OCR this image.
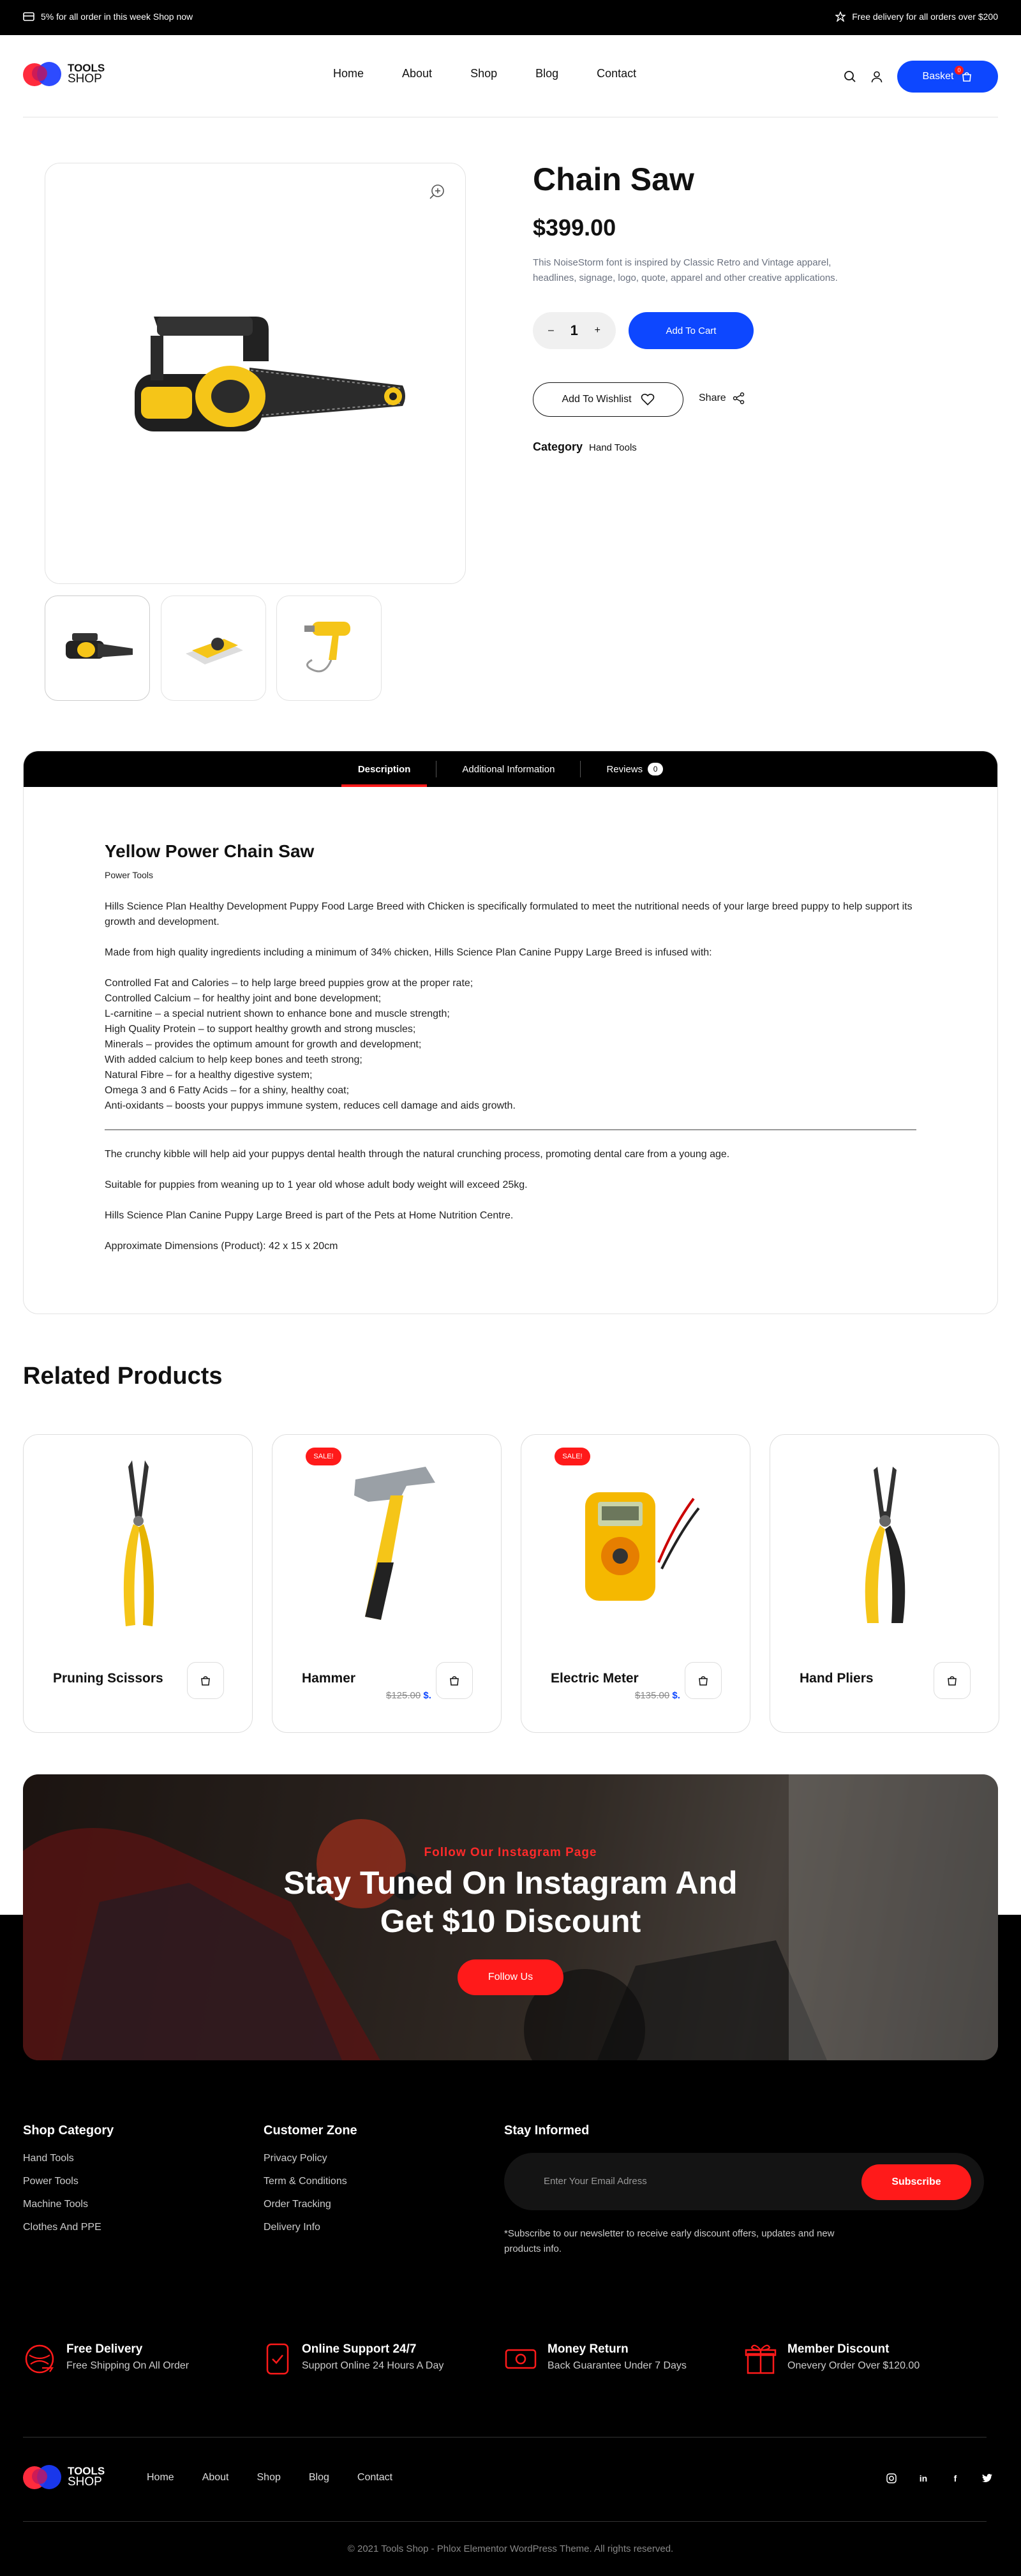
5% for all order in this week Shop now	Free delivery for all orders over $200
TOOLS
SHOP	Home	About	Shop	Blog	Contact	Basket
0
Chain Saw
$399.00

This NoiseStorm font is inspired by Classic Retro and Vintage apparel, headlines, signage, logo, quote, apparel and other creative applications.

– 1 +	Add To Cart
Add To Wishlist	Share
Category Hand Tools
Description	Additional Information	Reviews	0
Yellow Power Chain Saw
Power Tools

Hills Science Plan Healthy Development Puppy Food Large Breed with Chicken is specifically formulated to meet the nutritional needs of your large breed puppy to help support its growth and development.

Made from high quality ingredients including a minimum of 34% chicken, Hills Science Plan Canine Puppy Large Breed is infused with:

Controlled Fat and Calories – to help large breed puppies grow at the proper rate;
Controlled Calcium – for healthy joint and bone development;
L-carnitine – a special nutrient shown to enhance bone and muscle strength;
High Quality Protein – to support healthy growth and strong muscles;
Minerals – provides the optimum amount for growth and development;
With added calcium to help keep bones and teeth strong;
Natural Fibre – for a healthy digestive system;
Omega 3 and 6 Fatty Acids – for a shiny, healthy coat;
Anti-oxidants – boosts your puppys immune system, reduces cell damage and aids growth.

The crunchy kibble will help aid your puppys dental health through the natural crunching process, promoting dental care from a young age.

Suitable for puppies from weaning up to 1 year old whose adult body weight will exceed 25kg.

Hills Science Plan Canine Puppy Large Breed is part of the Pets at Home Nutrition Centre.

Approximate Dimensions (Product): 42 x 15 x 20cm

Related Products
Pruning Scissors
SALE!
Hammer
$125.00 $.
SALE!
Electric Meter
$135.00 $.
Hand Pliers
Follow Our Instagram Page
Stay Tuned On Instagram And
Get $10 Discount
Follow Us
Shop Category
Hand Tools
Power Tools
Machine Tools
Clothes And PPE
Customer Zone
Privacy Policy
Term & Conditions
Order Tracking
Delivery Info
Stay Informed
Enter Your Email Adress	Subscribe
*Subscribe to our newsletter to receive early discount offers, updates and new products info.
Free Delivery
Free Shipping On All Order
Online Support 24/7
Support Online 24 Hours A Day
Money Return
Back Guarantee Under 7 Days
Member Discount
Onevery Order Over $120.00
TOOLS
SHOP	Home	About	Shop	Blog	Contact	in	f
© 2021 Tools Shop - Phlox Elementor WordPress Theme. All rights reserved.
